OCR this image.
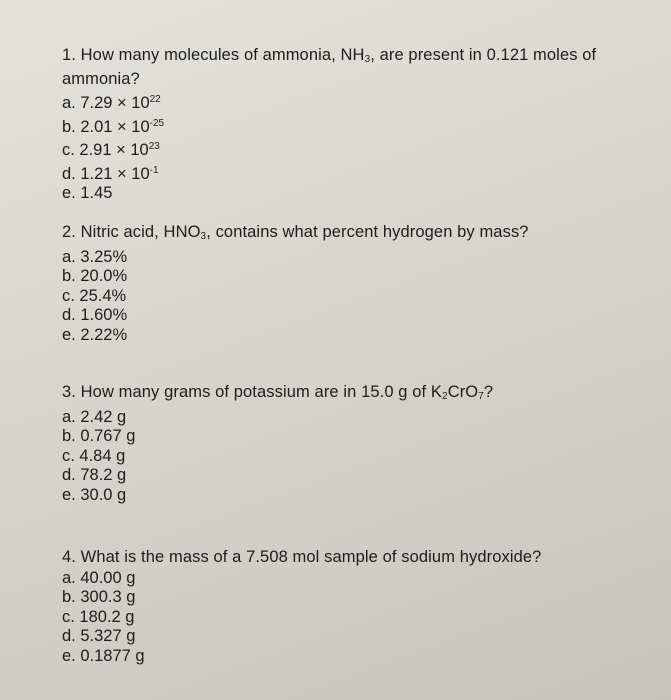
1. How many molecules of ammonia, $NH_3$, are present in 0.121 moles of ammonia?
a. $7.29 \times 10^{22}$
b. $2.01 \times 10^{-25}$
c. $2.91 \times 10^{23}$
d. $1.21 \times 10^{-1}$
e. 1.45
2. Nitric acid, $HNO_3$, contains what percent hydrogen by mass?
a. 3.25%
b. 20.0%
c. 25.4%
d. 1.60%
e. 2.22%
3. How many grams of potassium are in 15.0 g of $K_2CrO_7$?
a. 2.42 g
b. 0.767 g
c. 4.84 g
d. 78.2 g
e. 30.0 g
4. What is the mass of a 7.508 mol sample of sodium hydroxide?
a. 40.00 g
b. 300.3 g
c. 180.2 g
d. 5.327 g
e. 0.1877 g
